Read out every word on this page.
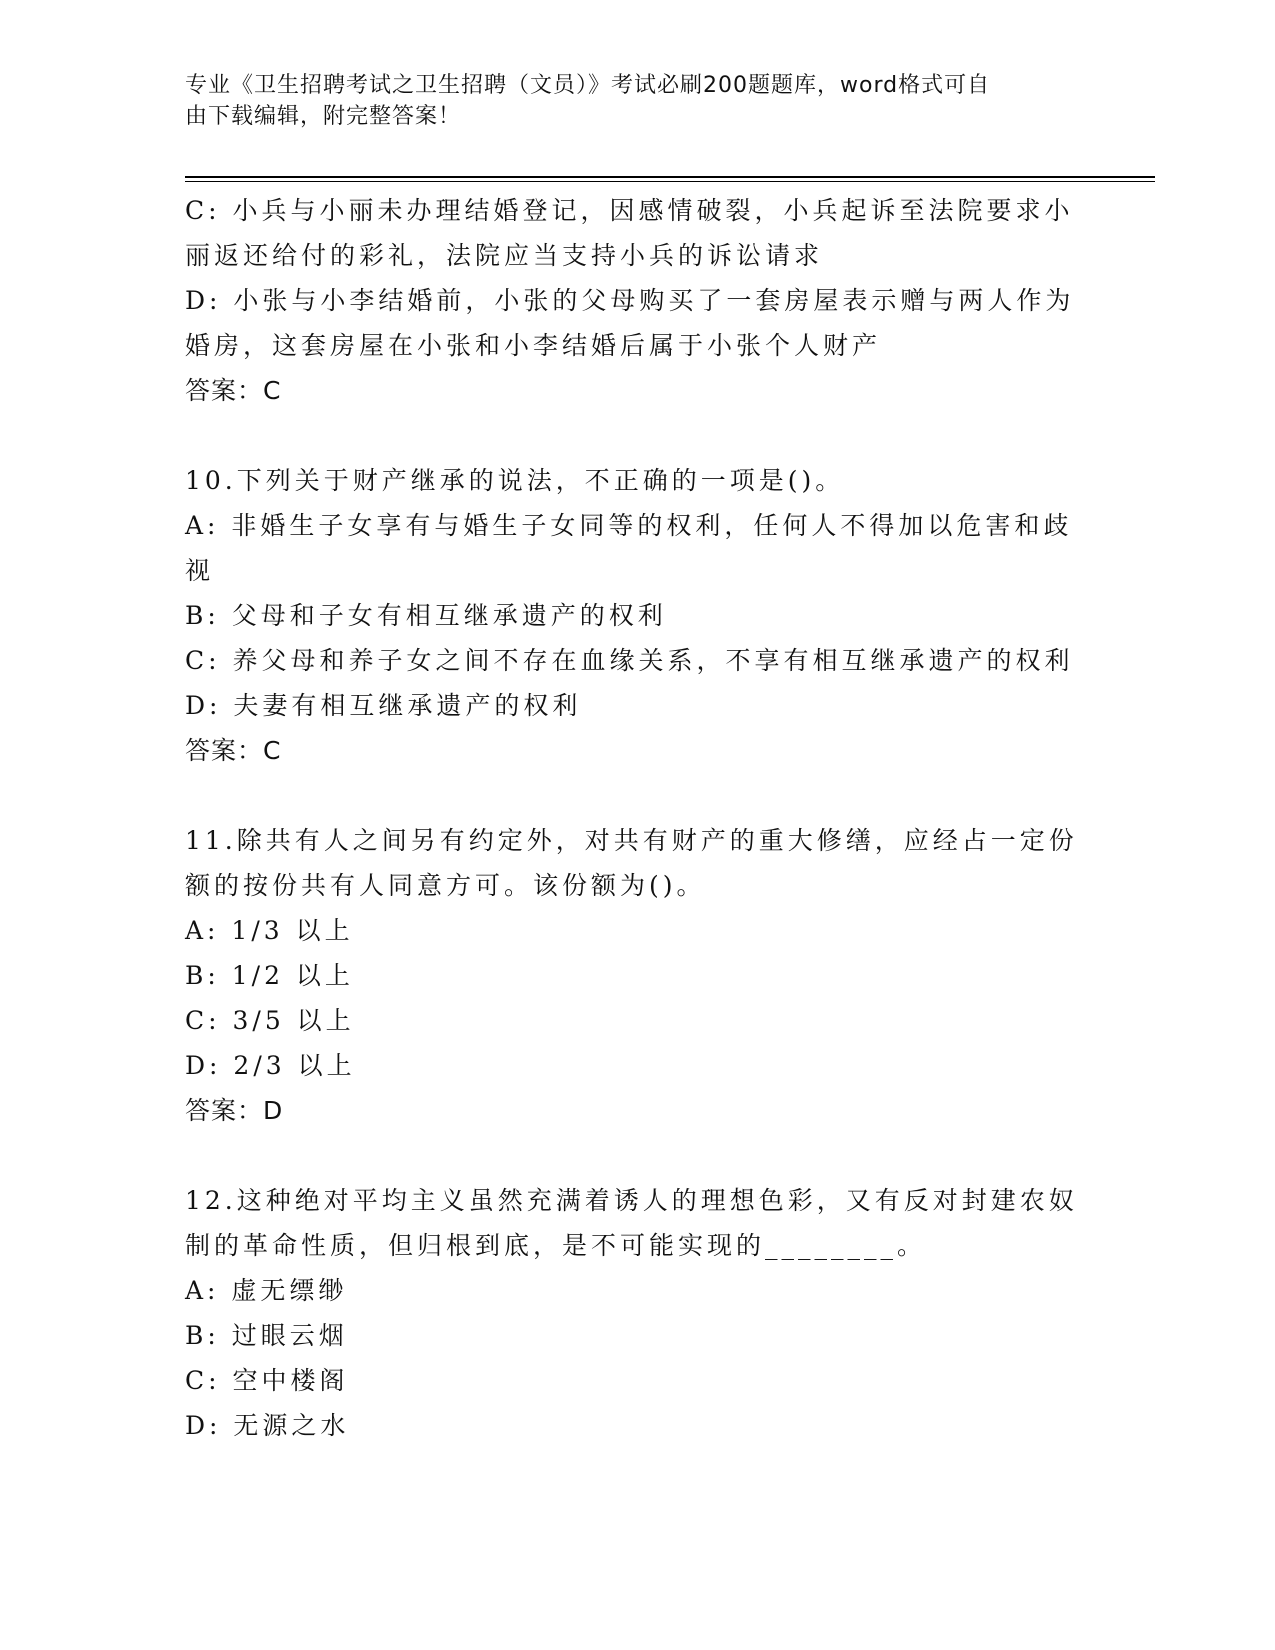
专业《卫生招聘考试之卫生招聘（文员）》考试必刷200题题库，word格式可自
由下载编辑，附完整答案！
C: 小兵与小丽未办理结婚登记，因感情破裂，小兵起诉至法院要求小
丽返还给付的彩礼，法院应当支持小兵的诉讼请求
D: 小张与小李结婚前，小张的父母购买了一套房屋表示赠与两人作为
婚房，这套房屋在小张和小李结婚后属于小张个人财产
答案：C
10.下列关于财产继承的说法，不正确的一项是()。
A: 非婚生子女享有与婚生子女同等的权利，任何人不得加以危害和歧
视
B: 父母和子女有相互继承遗产的权利
C: 养父母和养子女之间不存在血缘关系，不享有相互继承遗产的权利
D: 夫妻有相互继承遗产的权利
答案：C
11.除共有人之间另有约定外，对共有财产的重大修缮，应经占一定份
额的按份共有人同意方可。该份额为()。
A: 1/3 以上
B: 1/2 以上
C: 3/5 以上
D: 2/3 以上
答案：D
12.这种绝对平均主义虽然充满着诱人的理想色彩，又有反对封建农奴
制的革命性质，但归根到底，是不可能实现的________。
A: 虚无缥缈
B: 过眼云烟
C: 空中楼阁
D: 无源之水
